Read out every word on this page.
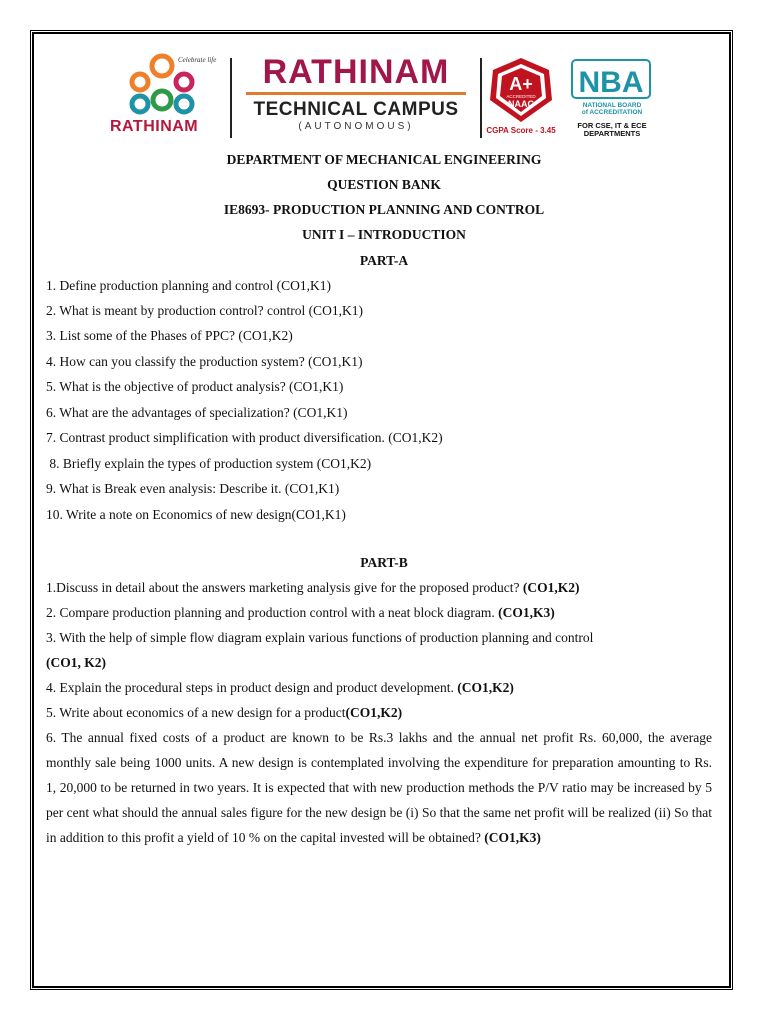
Celebrate life
RATHINAM
RATHINAM
TECHNICAL CAMPUS
(AUTONOMOUS)
A+
ACCREDITED
NAAC
CGPA Score - 3.45
NBA
NATIONAL BOARD
of ACCREDITATION
FOR CSE, IT & ECE
DEPARTMENTS
DEPARTMENT OF MECHANICAL ENGINEERING
QUESTION BANK
IE8693- PRODUCTION PLANNING AND CONTROL
UNIT I – INTRODUCTION
PART-A
1. Define production planning and control (CO1,K1)
2. What is meant by production control? control (CO1,K1)
3. List some of the Phases of PPC? (CO1,K2)
4. How can you classify the production system? (CO1,K1)
5. What is the objective of product analysis? (CO1,K1)
6. What are the advantages of specialization? (CO1,K1)
7. Contrast product simplification with product diversification. (CO1,K2)
8. Briefly explain the types of production system (CO1,K2)
9. What is Break even analysis: Describe it. (CO1,K1)
10. Write a note on Economics of new design(CO1,K1)
PART-B
1.Discuss in detail about the answers marketing analysis give for the proposed product? (CO1,K2)
2. Compare production planning and production control with a neat block diagram. (CO1,K3)
3. With the help of simple flow diagram explain various functions of production planning and control
(CO1, K2)
4. Explain the procedural steps in product design and product development. (CO1,K2)
5. Write about economics of a new design for a product(CO1,K2)
6. The annual fixed costs of a product are known to be Rs.3 lakhs and the annual net profit Rs. 60,000, the average monthly sale being 1000 units. A new design is contemplated involving the expenditure for preparation amounting to Rs. 1, 20,000 to be returned in two years. It is expected that with new production methods the P/V ratio may be increased by 5 per cent what should the annual sales figure for the new design be (i) So that the same net profit will be realized (ii) So that in addition to this profit a yield of 10 % on the capital invested will be obtained? (CO1,K3)
